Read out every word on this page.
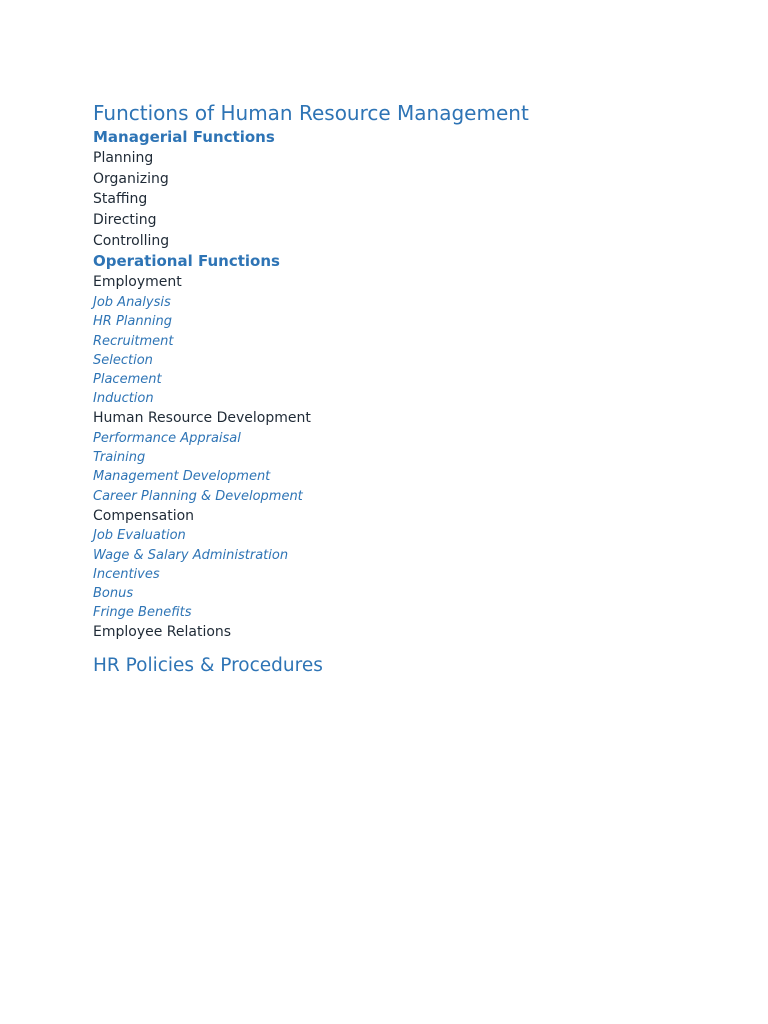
Functions of Human Resource Management
Managerial Functions
Planning
Organizing
Staffing
Directing
Controlling
Operational Functions
Employment
Job Analysis
HR Planning
Recruitment
Selection
Placement
Induction
Human Resource Development
Performance Appraisal
Training
Management Development
Career Planning & Development
Compensation
Job Evaluation
Wage & Salary Administration
Incentives
Bonus
Fringe Benefits
Employee Relations
HR Policies & Procedures
